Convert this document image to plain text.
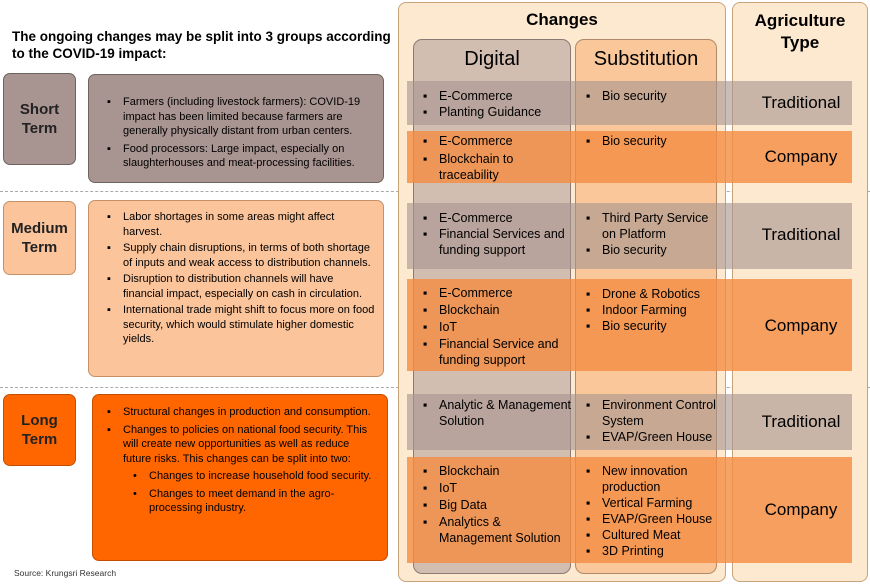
The ongoing changes may be split into 3 groups according to the COVID-19 impact:
Changes	Agriculture
Type
Digital	Substitution
Traditional
Company
Traditional
Company
Traditional
Company
▪ E-Commerce
▪ Planting Guidance
▪ E-Commerce
▪ Blockchain to traceability
▪ E-Commerce
▪ Financial Services and funding support
▪ E-Commerce
▪ Blockchain
▪ IoT
▪ Financial Service and funding support
▪ Analytic & Management Solution
▪ Blockchain
▪ IoT
▪ Big Data
▪ Analytics & Management Solution
▪ Bio security
▪ Bio security
▪ Third Party Service on Platform
▪ Bio security
▪ Drone & Robotics
▪ Indoor Farming
▪ Bio security
▪ Environment Control System
▪ EVAP/Green House
▪ New innovation production
▪ Vertical Farming
▪ EVAP/Green House
▪ Cultured Meat
▪ 3D Printing
Short
Term
Medium
Term
Long
Term
▪ Farmers (including livestock farmers): COVID-19 impact has been limited because farmers are generally physically distant from urban centers.
▪ Food processors: Large impact, especially on slaughterhouses and meat-processing facilities.
▪ Labor shortages in some areas might affect harvest.
▪ Supply chain disruptions, in terms of both shortage of inputs and weak access to distribution channels.
▪ Disruption to distribution channels will have financial impact, especially on cash in circulation.
▪ International trade might shift to focus more on food security, which would stimulate higher domestic yields.
▪ Structural changes in production and consumption.
▪ Changes to policies on national food security. This will create new opportunities as well as reduce future risks. This changes can be split into two:
• Changes to increase household food security.
• Changes to meet demand in the agro-processing industry.
Source: Krungsri Research
